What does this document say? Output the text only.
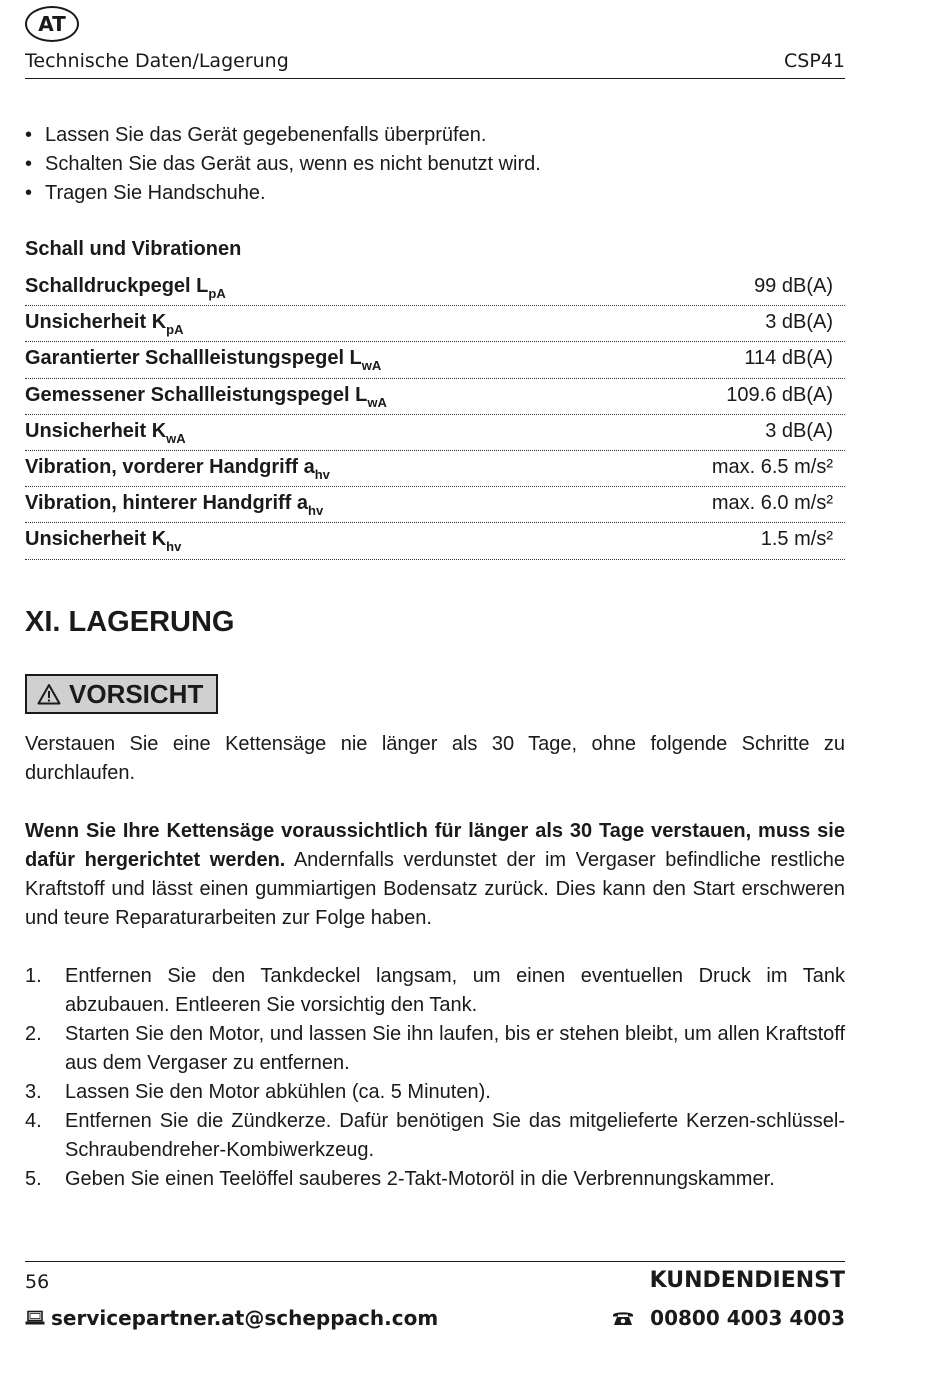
AT
Technische Daten/Lagerung	CSP41
• Lassen Sie das Gerät gegebenenfalls überprüfen.
• Schalten Sie das Gerät aus, wenn es nicht benutzt wird.
• Tragen Sie Handschuhe.
Schall und Vibrationen
Schalldruckpegel $L_{pA}$	99 dB(A)
Unsicherheit $K_{pA}$	3 dB(A)
Garantierter Schallleistungspegel $L_{wA}$	114 dB(A)
Gemessener Schallleistungspegel $L_{wA}$	109.6 dB(A)
Unsicherheit $K_{wA}$	3 dB(A)
Vibration, vorderer Handgriff $a_{hv}$	max. 6.5 m/s²
Vibration, hinterer Handgriff $a_{hv}$	max. 6.0 m/s²
Unsicherheit $K_{hv}$	1.5 m/s²
XI. LAGERUNG
VORSICHT

Verstauen Sie eine Kettensäge nie länger als 30 Tage, ohne folgende Schritte zu durchlaufen.

Wenn Sie Ihre Kettensäge voraussichtlich für länger als 30 Tage verstauen, muss sie dafür hergerichtet werden. Andernfalls verdunstet der im Vergaser befindliche restliche Kraftstoff und lässt einen gummiartigen Bodensatz zurück. Dies kann den Start erschweren und teure Reparaturarbeiten zur Folge haben.

1.	Entfernen Sie den Tankdeckel langsam, um einen eventuellen Druck im Tank abzubauen. Entleeren Sie vorsichtig den Tank.
2.	Starten Sie den Motor, und lassen Sie ihn laufen, bis er stehen bleibt, um allen Kraftstoff aus dem Vergaser zu entfernen.
3.	Lassen Sie den Motor abkühlen (ca. 5 Minuten).
4.	Entfernen Sie die Zündkerze. Dafür benötigen Sie das mitgelieferte Kerzen-schlüssel-Schraubendreher-Kombiwerkzeug.
5.	Geben Sie einen Teelöffel sauberes 2-Takt-Motoröl in die Verbrennungskammer.
56	KUNDENDIENST
servicepartner.at@scheppach.com	00800 4003 4003
